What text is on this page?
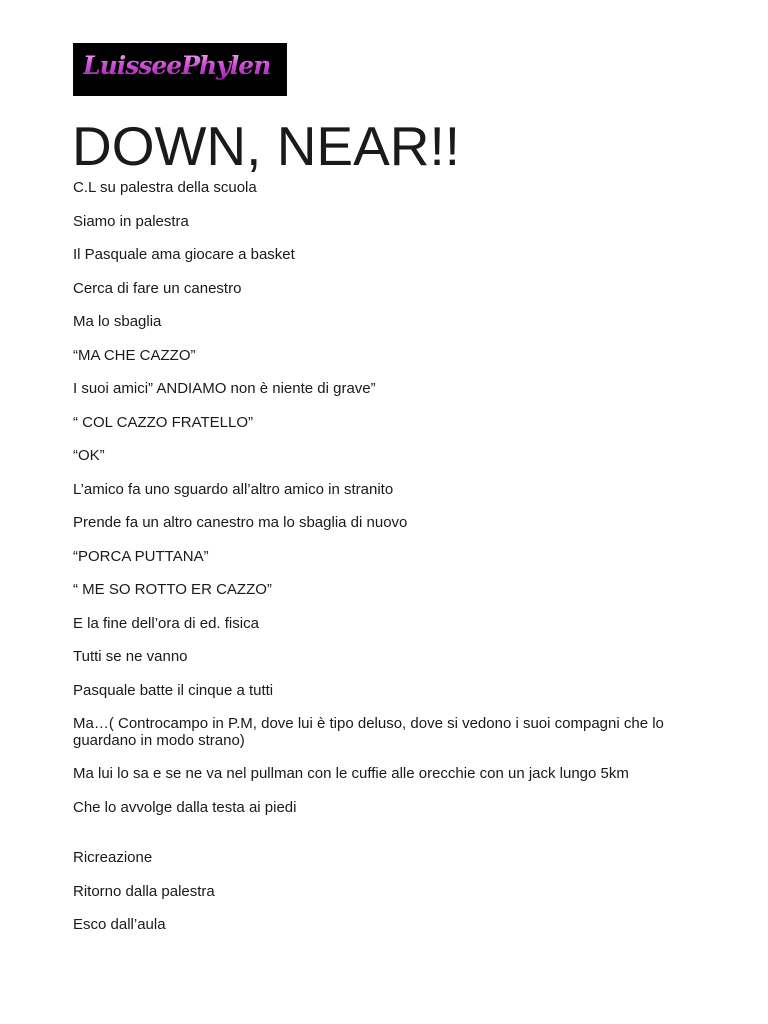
LuisseePhylen
DOWN, NEAR!!

C.L su palestra della scuola

Siamo in palestra

Il Pasquale ama giocare a basket

Cerca di fare un canestro

Ma lo sbaglia

“MA CHE CAZZO”

I suoi amici” ANDIAMO non è niente di grave”

“ COL CAZZO FRATELLO”

“OK”

L’amico fa uno sguardo all’altro amico in stranito

Prende fa un altro canestro ma lo sbaglia di nuovo

“PORCA PUTTANA”

“ ME SO ROTTO ER CAZZO”

E la fine dell’ora di ed. fisica

Tutti se ne vanno

Pasquale batte il cinque a tutti

Ma…( Controcampo in P.M, dove lui è tipo deluso, dove si vedono i suoi compagni che lo guardano in modo strano)

Ma lui lo sa e se ne va nel pullman con le cuffie alle orecchie con un jack lungo 5km

Che lo avvolge dalla testa ai piedi

Ricreazione

Ritorno dalla palestra

Esco dall’aula
